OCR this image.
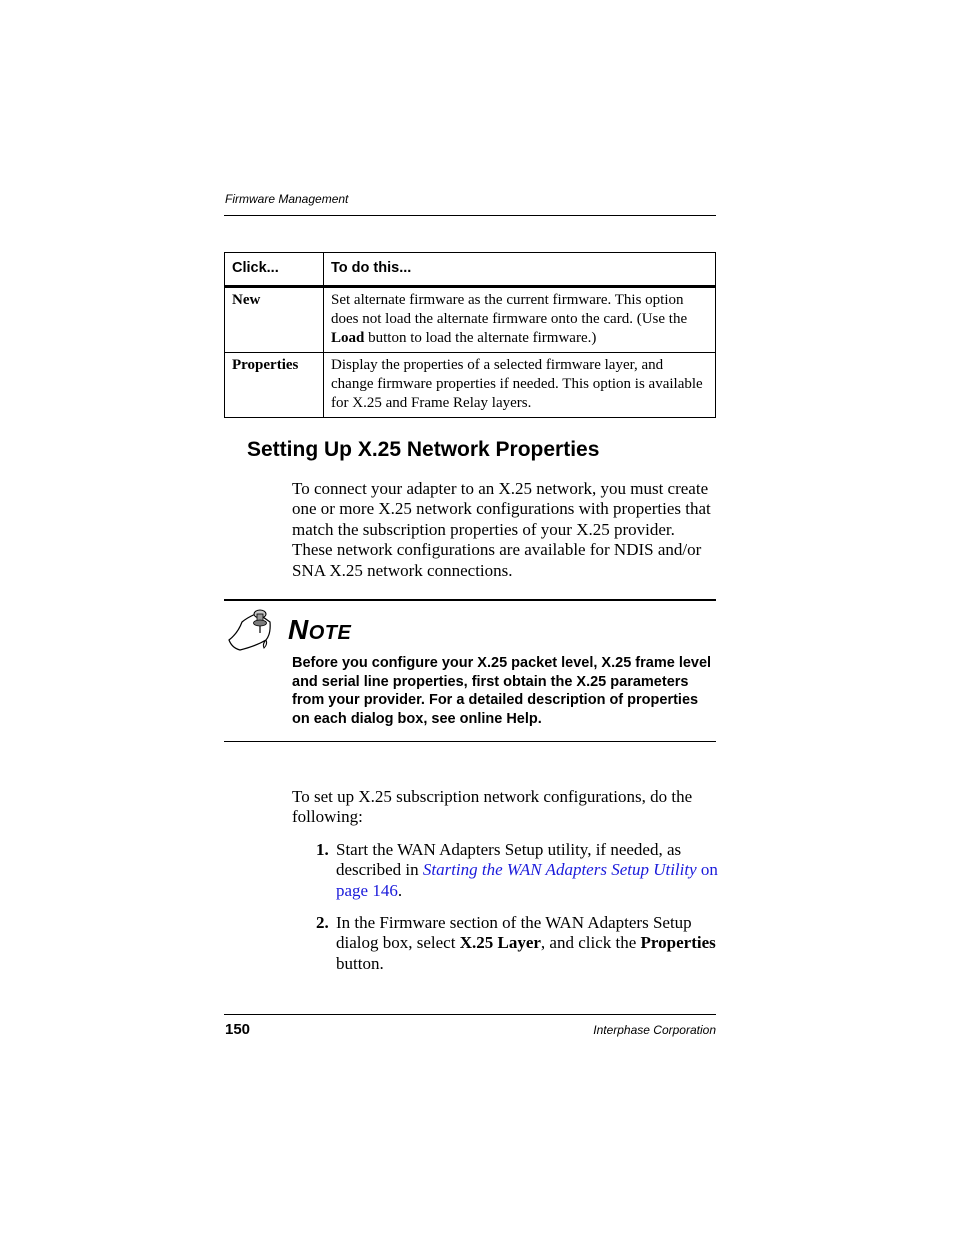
Firmware Management
Click...	To do this...
New	Set alternate firmware as the current firmware. This option does not load the alternate firmware onto the card. (Use the Load button to load the alternate firmware.)
Properties	Display the properties of a selected firmware layer, and change firmware properties if needed. This option is available for X.25 and Frame Relay layers.
Setting Up X.25 Network Properties
To connect your adapter to an X.25 network, you must create one or more X.25 network configurations with properties that match the subscription properties of your X.25 provider. These network configurations are available for NDIS and/or SNA X.25 network connections.
NOTE
Before you configure your X.25 packet level, X.25 frame level and serial line properties, first obtain the X.25 parameters from your provider. For a detailed description of properties on each dialog box, see online Help.
To set up X.25 subscription network configurations, do the following:
1. Start the WAN Adapters Setup utility, if needed, as described in Starting the WAN Adapters Setup Utility on page 146.
2. In the Firmware section of the WAN Adapters Setup dialog box, select X.25 Layer, and click the Properties button.
150	Interphase Corporation
